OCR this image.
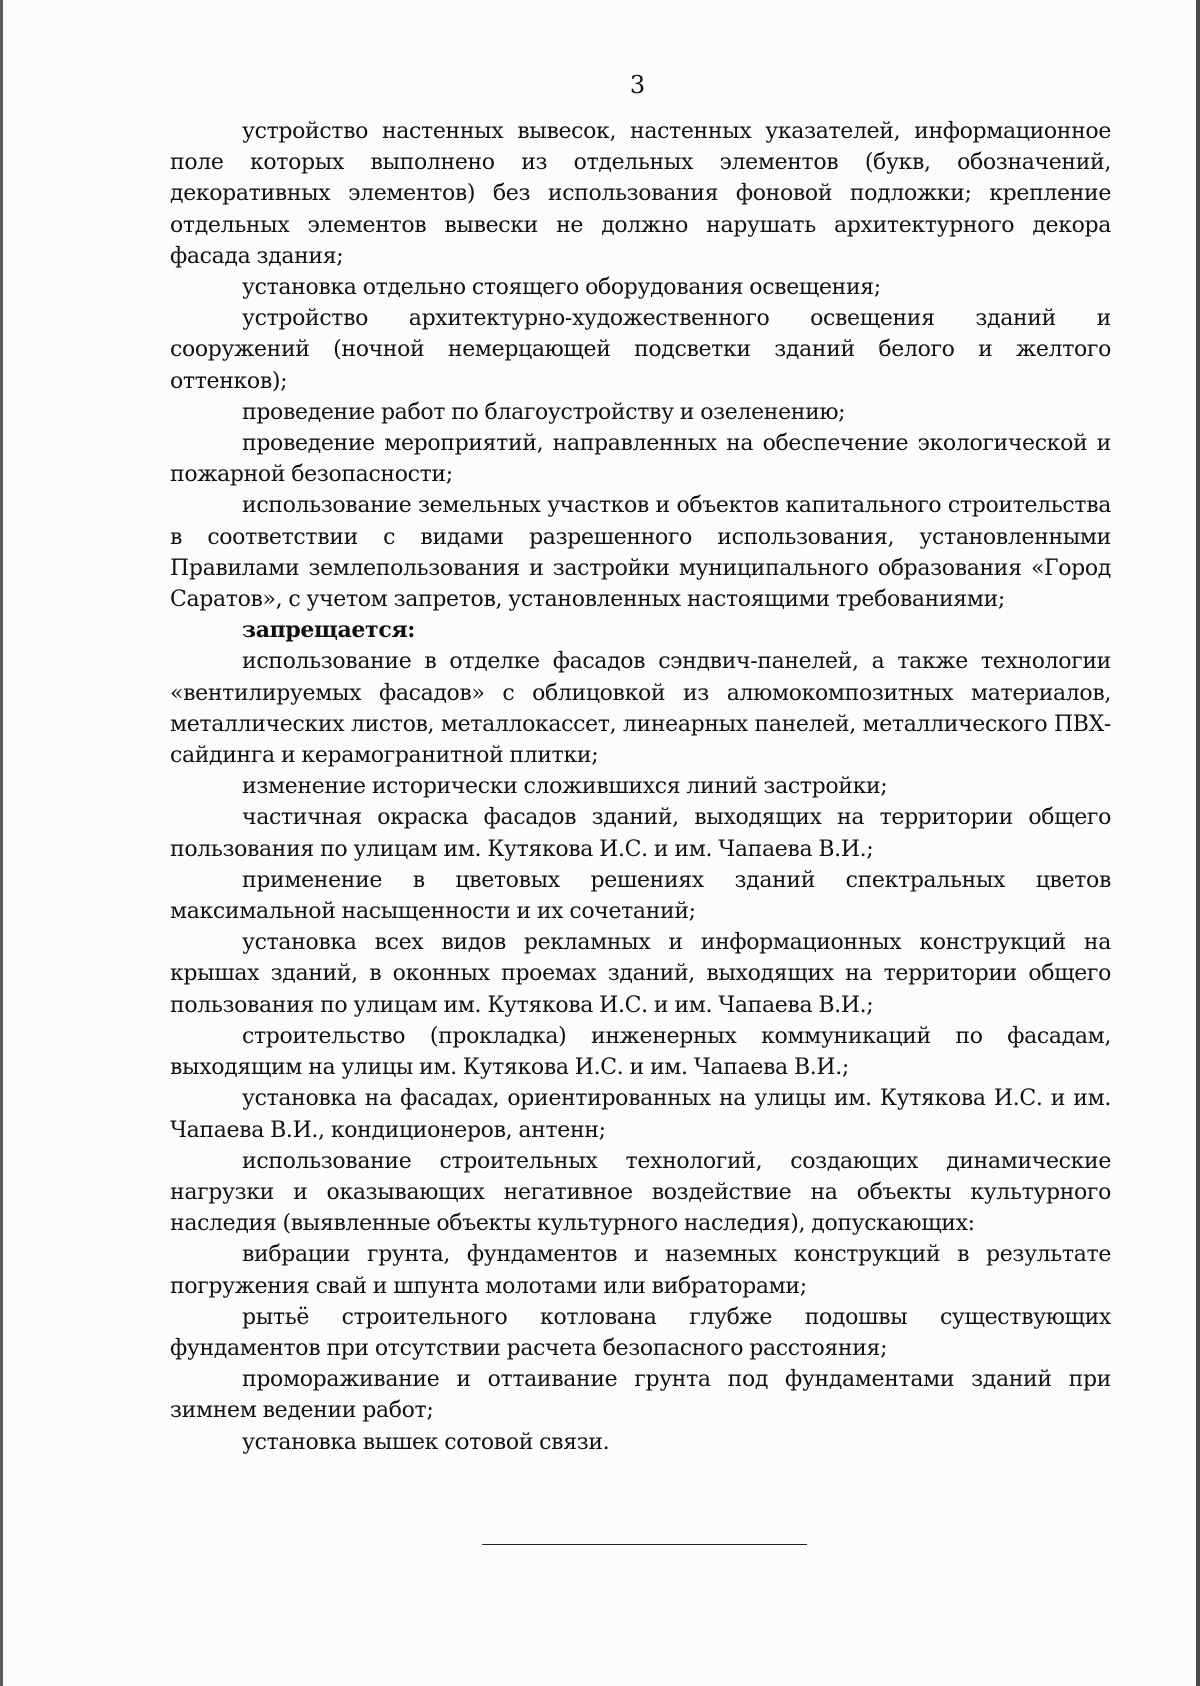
3

устройство настенных вывесок, настенных указателей, информационное поле которых выполнено из отдельных элементов (букв, обозначений, декоративных элементов) без использования фоновой подложки; крепление отдельных элементов вывески не должно нарушать архитектурного декора фасада здания;

установка отдельно стоящего оборудования освещения;

устройство архитектурно-художественного освещения зданий и сооружений (ночной немерцающей подсветки зданий белого и желтого оттенков);

проведение работ по благоустройству и озеленению;

проведение мероприятий, направленных на обеспечение экологической и пожарной безопасности;

использование земельных участков и объектов капитального строительства в соответствии с видами разрешенного использования, установленными Правилами землепользования и застройки муниципального образования «Город Саратов», с учетом запретов, установленных настоящими требованиями;

запрещается:

использование в отделке фасадов сэндвич-панелей, а также технологии «вентилируемых фасадов» с облицовкой из алюмокомпозитных материалов, металлических листов, металлокассет, линеарных панелей, металлического ПВХ-сайдинга и керамогранитной плитки;

изменение исторически сложившихся линий застройки;

частичная окраска фасадов зданий, выходящих на территории общего пользования по улицам им. Кутякова И.С. и им. Чапаева В.И.;

применение в цветовых решениях зданий спектральных цветов максимальной насыщенности и их сочетаний;

установка всех видов рекламных и информационных конструкций на крышах зданий, в оконных проемах зданий, выходящих на территории общего пользования по улицам им. Кутякова И.С. и им. Чапаева В.И.;

строительство (прокладка) инженерных коммуникаций по фасадам, выходящим на улицы им. Кутякова И.С. и им. Чапаева В.И.;

установка на фасадах, ориентированных на улицы им. Кутякова И.С. и им. Чапаева В.И., кондиционеров, антенн;

использование строительных технологий, создающих динамические нагрузки и оказывающих негативное воздействие на объекты культурного наследия (выявленные объекты культурного наследия), допускающих:

вибрации грунта, фундаментов и наземных конструкций в результате погружения свай и шпунта молотами или вибраторами;

рытьё строительного котлована глубже подошвы существующих фундаментов при отсутствии расчета безопасного расстояния;

промораживание и оттаивание грунта под фундаментами зданий при зимнем ведении работ;

установка вышек сотовой связи.
